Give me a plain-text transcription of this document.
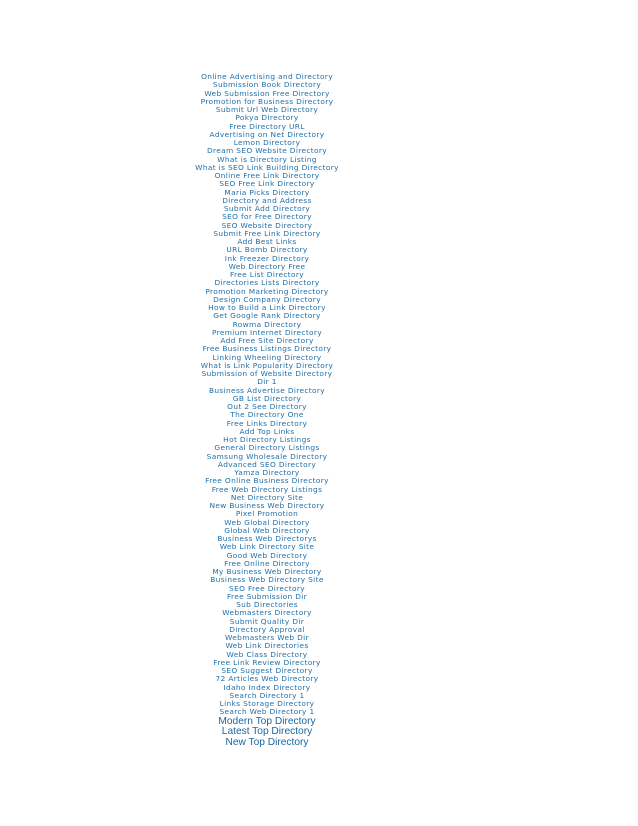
Online Advertising and Directory
Submission Book Directory
Web Submission Free Directory
Promotion for Business Directory
Submit Url Web Directory
Pokya Directory
Free Directory URL
Advertising on Net Directory
Lemon Directory
Dream SEO Website Directory
What is Directory Listing
What is SEO Link Building Directory
Online Free Link Directory
SEO Free Link Directory
Maria Picks Directory
Directory and Address
Submit Add Directory
SEO for Free Directory
SEO Website Directory
Submit Free Link Directory
Add Best Links
URL Bomb Directory
Ink Freezer Directory
Web Directory Free
Free List Directory
Directories Lists Directory
Promotion Marketing Directory
Design Company Directory
How to Build a Link Directory
Get Google Rank Directory
Rowma Directory
Premium Internet Directory
Add Free Site Directory
Free Business Listings Directory
Linking Wheeling Directory
What is Link Popularity Directory
Submission of Website Directory
Dir 1
Business Advertise Directory
GB List Directory
Out 2 See Directory
The Directory One
Free Links Directory
Add Top Links
Hot Directory Listings
General Directory Listings
Samsung Wholesale Directory
Advanced SEO Directory
Yamza Directory
Free Online Business Directory
Free Web Directory Listings
Net Directory Site
New Business Web Directory
Pixel Promotion
Web Global Directory
Global Web Directory
Business Web Directorys
Web Link Directory Site
Good Web Directory
Free Online Directory
My Business Web Directory
Business Web Directory Site
SEO Free Directory
Free Submission Dir
Sub Directories
Webmasters Directory
Submit Quality Dir
Directory Approval
Webmasters Web Dir
Web Link Directories
Web Class Directory
Free Link Review Directory
SEO Suggest Directory
72 Articles Web Directory
Idaho Index Directory
Search Directory 1
Links Storage Directory
Search Web Directory 1
Modern Top Directory
Latest Top Directory
New Top Directory
